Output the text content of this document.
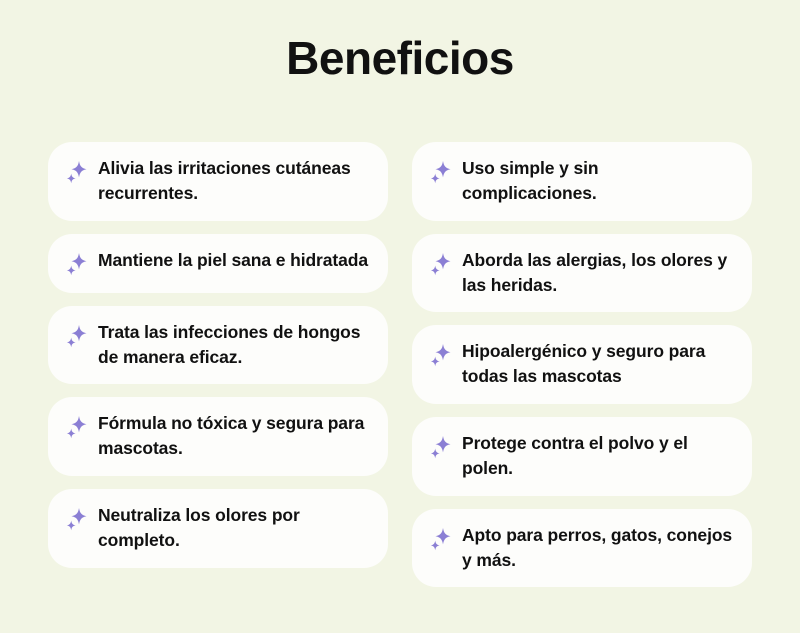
Beneficios
Alivia las irritaciones cutáneas recurrentes.
Mantiene la piel sana e hidratada
Trata las infecciones de hongos de manera eficaz.
Fórmula no tóxica y segura para mascotas.
Neutraliza los olores por completo.
Uso simple y sin complicaciones.
Aborda las alergias, los olores y las heridas.
Hipoalergénico y seguro para todas las mascotas
Protege contra el polvo y el polen.
Apto para perros, gatos, conejos y más.
